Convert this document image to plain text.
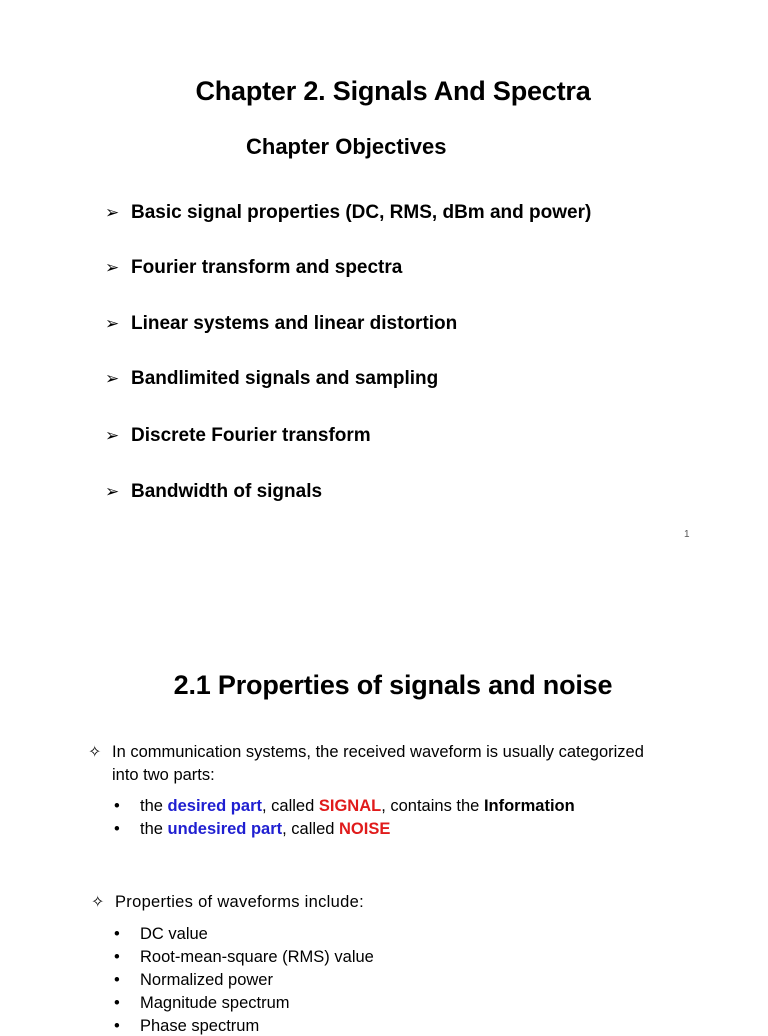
Chapter 2. Signals And Spectra
Chapter Objectives
➢ Basic signal properties (DC, RMS, dBm and power)
➢ Fourier transform and spectra
➢ Linear systems and linear distortion
➢ Bandlimited signals and sampling
➢ Discrete Fourier transform
➢ Bandwidth of signals
1
2.1 Properties of signals and noise
✧ In communication systems, the received waveform is usually categorized
into two parts:
• the desired part, called SIGNAL, contains the Information
• the undesired part, called NOISE
✧ Properties of waveforms include:
• DC value
• Root-mean-square (RMS) value
• Normalized power
• Magnitude spectrum
• Phase spectrum
